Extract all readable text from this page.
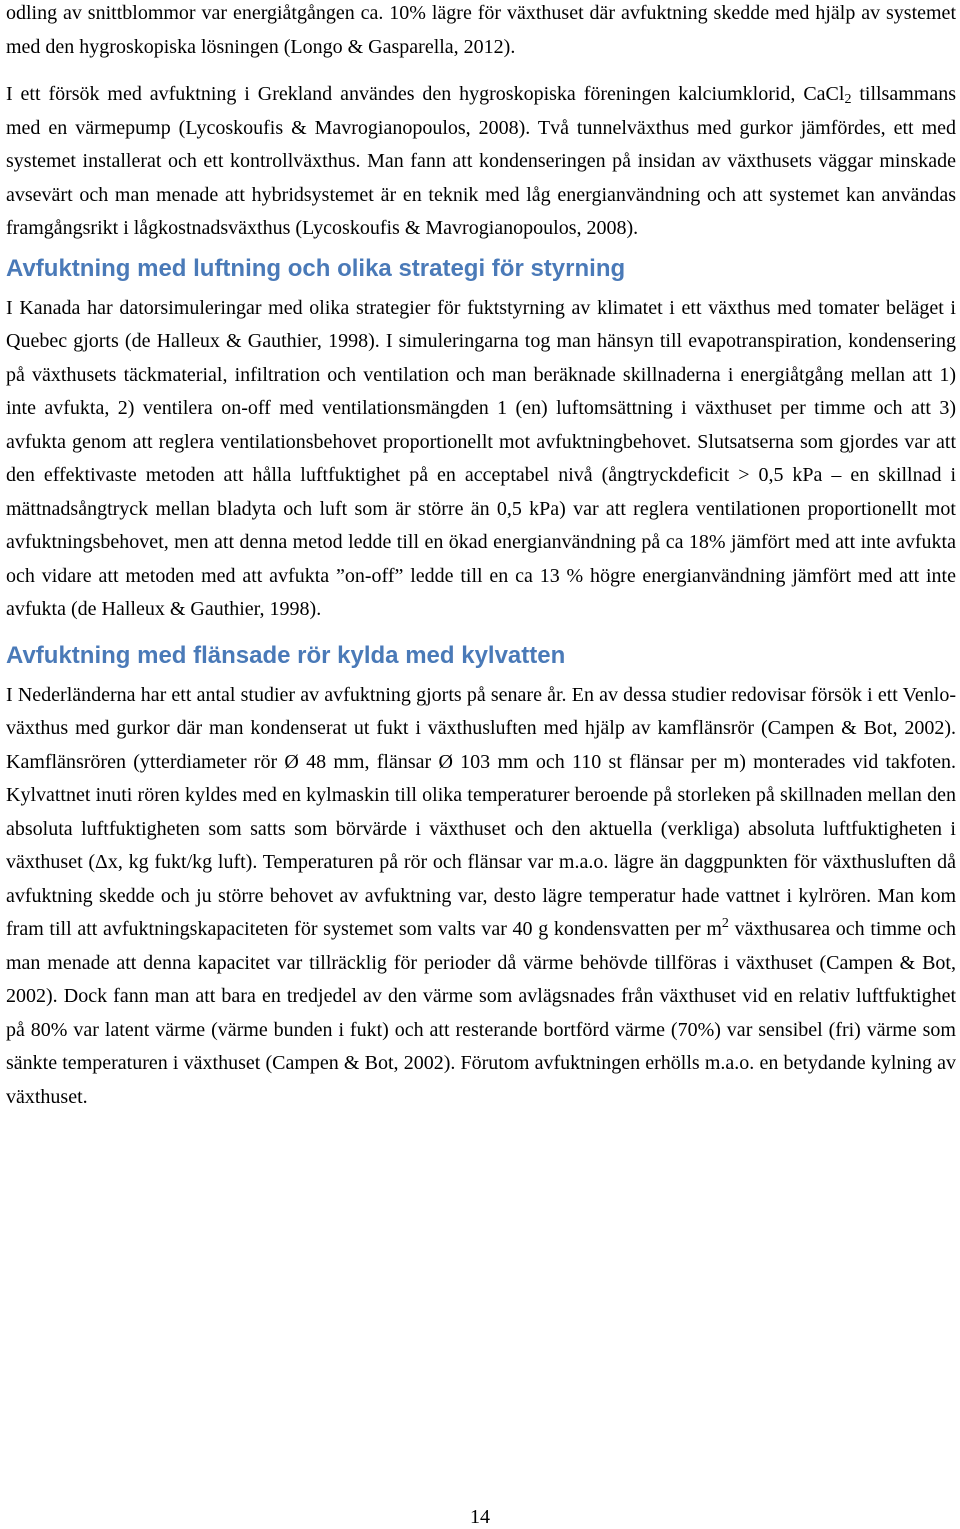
odling av snittblommor var energiåtgången ca. 10% lägre för växthuset där avfuktning skedde med hjälp av systemet med den hygroskopiska lösningen (Longo & Gasparella, 2012).

I ett försök med avfuktning i Grekland användes den hygroskopiska föreningen kalciumklorid, CaCl$_2$ tillsammans med en värmepump (Lycoskoufis & Mavrogianopoulos, 2008). Två tunnelväxthus med gurkor jämfördes, ett med systemet installerat och ett kontrollväxthus. Man fann att kondenseringen på insidan av växthusets väggar minskade avsevärt och man menade att hybridsystemet är en teknik med låg energianvändning och att systemet kan användas framgångsrikt i lågkostnadsväxthus (Lycoskoufis & Mavrogianopoulos, 2008).

Avfuktning med luftning och olika strategi för styrning

I Kanada har datorsimuleringar med olika strategier för fuktstyrning av klimatet i ett växthus med tomater beläget i Quebec gjorts (de Halleux & Gauthier, 1998). I simuleringarna tog man hänsyn till evapotranspiration, kondensering på växthusets täckmaterial, infiltration och ventilation och man beräknade skillnaderna i energiåtgång mellan att 1) inte avfukta, 2) ventilera on-off med ventilationsmängden 1 (en) luftomsättning i växthuset per timme och att 3) avfukta genom att reglera ventilationsbehovet proportionellt mot avfuktningbehovet. Slutsatserna som gjordes var att den effektivaste metoden att hålla luftfuktighet på en acceptabel nivå (ångtryckdeficit > 0,5 kPa – en skillnad i mättnadsångtryck mellan bladyta och luft som är större än 0,5 kPa) var att reglera ventilationen proportionellt mot avfuktningsbehovet, men att denna metod ledde till en ökad energianvändning på ca 18% jämfört med att inte avfukta och vidare att metoden med att avfukta ”on-off” ledde till en ca 13 % högre energianvändning jämfört med att inte avfukta (de Halleux & Gauthier, 1998).

Avfuktning med flänsade rör kylda med kylvatten

I Nederländerna har ett antal studier av avfuktning gjorts på senare år. En av dessa studier redovisar försök i ett Venlo-växthus med gurkor där man kondenserat ut fukt i växthusluften med hjälp av kamflänsrör (Campen & Bot, 2002). Kamflänsrören (ytterdiameter rör Ø 48 mm, flänsar Ø 103 mm och 110 st flänsar per m) monterades vid takfoten. Kylvattnet inuti rören kyldes med en kylmaskin till olika temperaturer beroende på storleken på skillnaden mellan den absoluta luftfuktigheten som satts som börvärde i växthuset och den aktuella (verkliga) absoluta luftfuktigheten i växthuset (Δx, kg fukt/kg luft). Temperaturen på rör och flänsar var m.a.o. lägre än daggpunkten för växthusluften då avfuktning skedde och ju större behovet av avfuktning var, desto lägre temperatur hade vattnet i kylrören. Man kom fram till att avfuktningskapaciteten för systemet som valts var 40 g kondensvatten per $m^2$ växthusarea och timme och man menade att denna kapacitet var tillräcklig för perioder då värme behövde tillföras i växthuset (Campen & Bot, 2002). Dock fann man att bara en tredjedel av den värme som avlägsnades från växthuset vid en relativ luftfuktighet på 80% var latent värme (värme bunden i fukt) och att resterande bortförd värme (70%) var sensibel (fri) värme som sänkte temperaturen i växthuset (Campen & Bot, 2002). Förutom avfuktningen erhölls m.a.o. en betydande kylning av växthuset.

14
